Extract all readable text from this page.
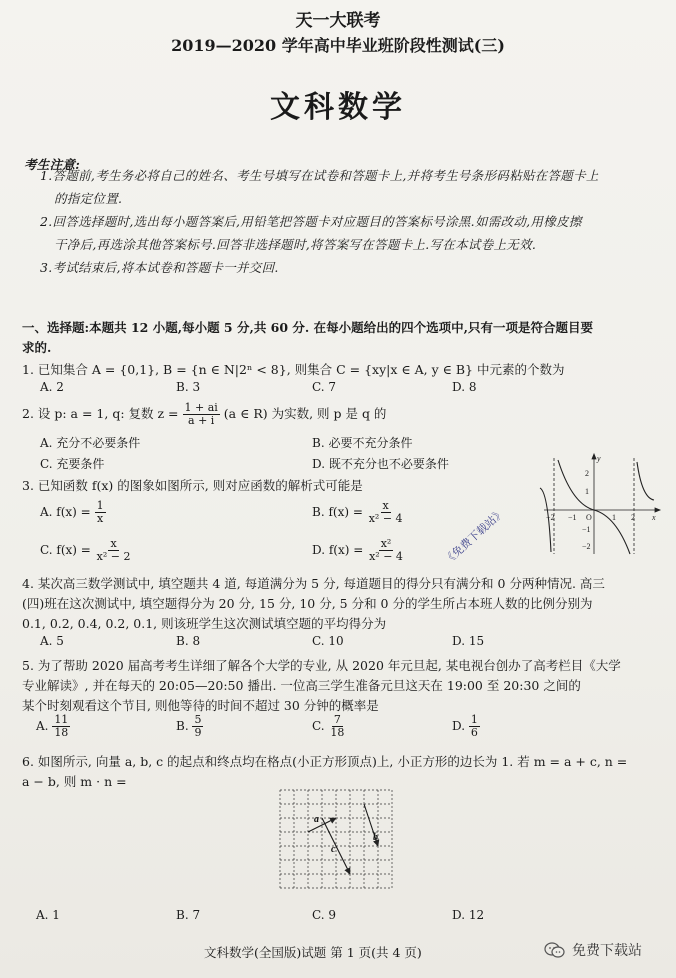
天一大联考
2019—2020 学年高中毕业班阶段性测试(三)
文科数学
考生注意:
1.答题前,考生务必将自己的姓名、考生号填写在试卷和答题卡上,并将考生号条形码粘贴在答题卡上
的指定位置.
2.回答选择题时,选出每小题答案后,用铅笔把答题卡对应题目的答案标号涂黑.如需改动,用橡皮擦
干净后,再选涂其他答案标号.回答非选择题时,将答案写在答题卡上.写在本试卷上无效.
3.考试结束后,将本试卷和答题卡一并交回.
一、选择题:本题共 12 小题,每小题 5 分,共 60 分. 在每小题给出的四个选项中,只有一项是符合题目要
求的.
1. 已知集合 A = {0,1}, B = {n ∈ N|2ⁿ < 8}, 则集合 C = {xy|x ∈ A, y ∈ B} 中元素的个数为
A. 2	B. 3	C. 7	D. 8
2. 设 p: a = 1, q: 复数 $z = \frac{1 + ai}{a + i} (a$ ∈ R) 为实数, 则 p 是 q 的
A. 充分不必要条件	B. 必要不充分条件
C. 充要条件	D. 既不充分也不必要条件
3. 已知函数 f(x) 的图象如图所示, 则对应函数的解析式可能是
A. $f(x) = \frac{1}{x}$	B. $f(x) = \frac{x}{\text{x² − 4}}$
C. $f(x) = \frac{x}{\text{x² − 2}}$	D. $f(x) = \frac{\text{x²}}{\text{x² − 4}}$
y
x
O
−2 −1	1 2
2
1
−1
−2
《免费下载站》
4. 某次高三数学测试中, 填空题共 4 道, 每道满分为 5 分, 每道题目的得分只有满分和 0 分两种情况. 高三
(四)班在这次测试中, 填空题得分为 20 分, 15 分, 10 分, 5 分和 0 分的学生所占本班人数的比例分别为
0.1, 0.2, 0.4, 0.2, 0.1, 则该班学生这次测试填空题的平均得分为
A. 5	B. 8	C. 10	D. 15
5. 为了帮助 2020 届高考考生详细了解各个大学的专业, 从 2020 年元旦起, 某电视台创办了高考栏目《大学
专业解读》, 并在每天的 20:05—20:50 播出. 一位高三学生准备元旦这天在 19:00 至 20:30 之间的
某个时刻观看这个节目, 则他等待的时间不超过 30 分钟的概率是
A. $\frac{11}{18}$	B. $\frac{5}{9}$	C. $\frac{7}{18}$	D. $\frac{1}{6}$
6. 如图所示, 向量 a, b, c 的起点和终点均在格点(小正方形顶点)上, 小正方形的边长为 1. 若 m = a + c, n =
a − b, 则 m · n =
a
b
c
A. 1	B. 7	C. 9	D. 12
文科数学(全国版)试题 第 1 页(共 4 页)	免费下载站
